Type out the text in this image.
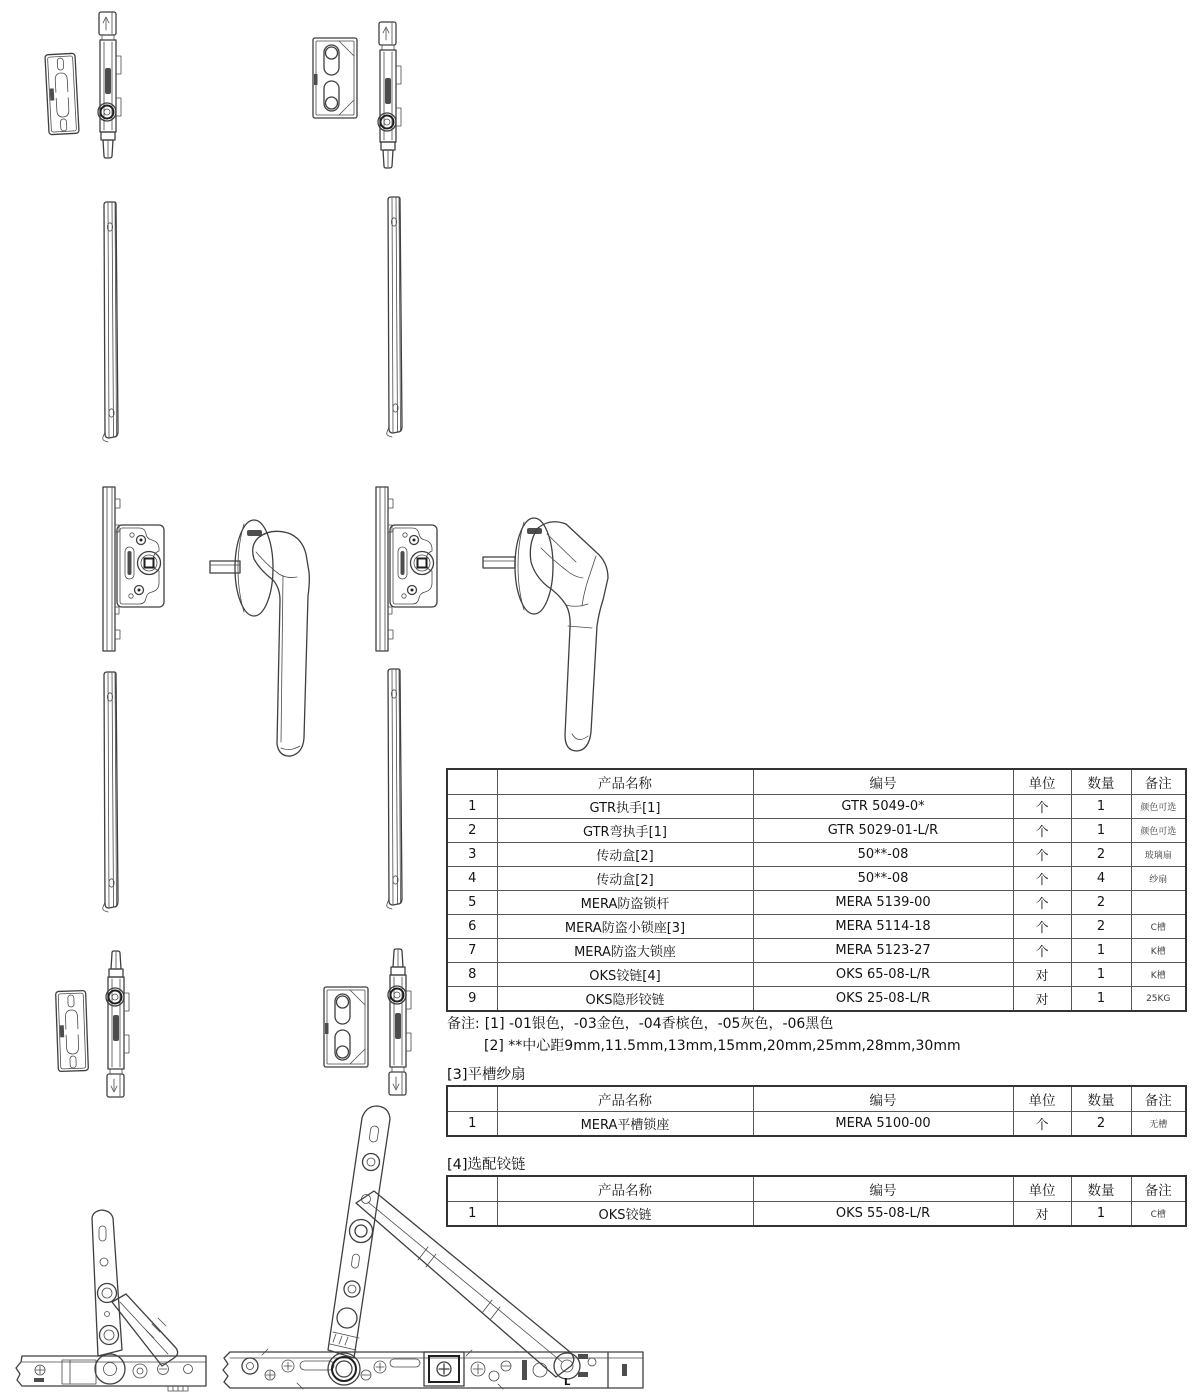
L
	产品名称	编号	单位	数量	备注
1	GTR执手[1]	GTR 5049-0*	个	1	颜色可选
2	GTR弯执手[1]	GTR 5029-01-L/R	个	1	颜色可选
3	传动盒[2]	50**-08	个	2	玻璃扇
4	传动盒[2]	50**-08	个	4	纱扇
5	MERA防盗锁杆	MERA 5139-00	个	2	
6	MERA防盗小锁座[3]	MERA 5114-18	个	2	C槽
7	MERA防盗大锁座	MERA 5123-27	个	1	K槽
8	OKS铰链[4]	OKS 65-08-L/R	对	1	K槽
9	OKS隐形铰链	OKS 25-08-L/R	对	1	25KG
备注: [1] -01银色，-03金色，-04香槟色，-05灰色，-06黑色
[2] **中心距9mm,11.5mm,13mm,15mm,20mm,25mm,28mm,30mm
[3]平槽纱扇
	产品名称	编号	单位	数量	备注
1	MERA平槽锁座	MERA 5100-00	个	2	无槽
[4]选配铰链
	产品名称	编号	单位	数量	备注
1	OKS铰链	OKS 55-08-L/R	对	1	C槽
